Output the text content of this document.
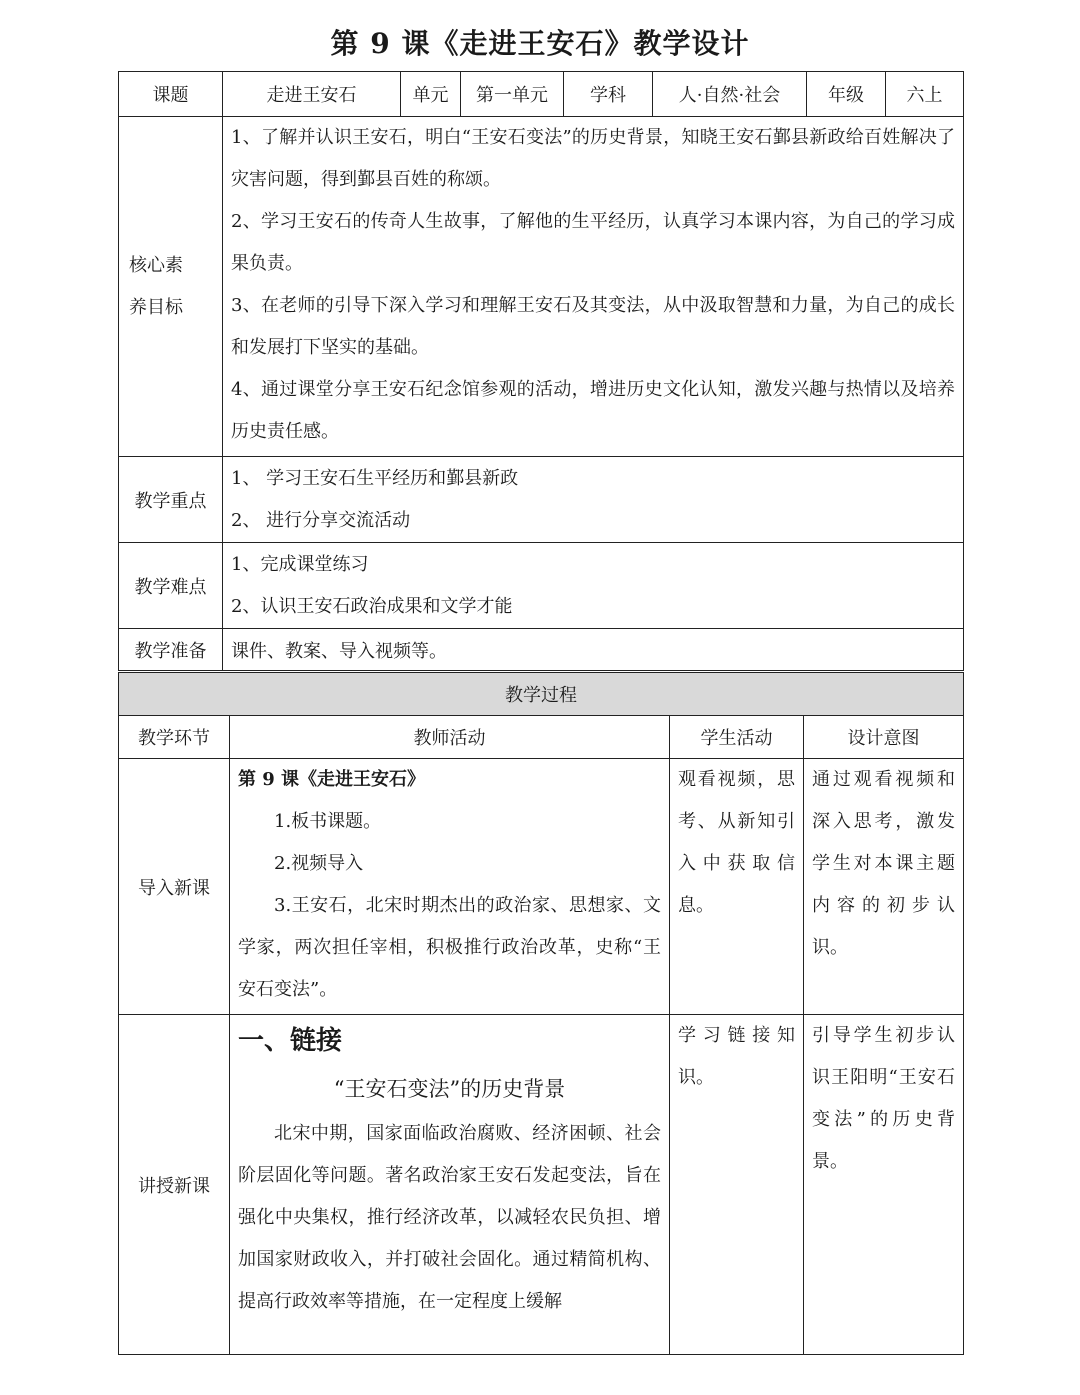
第 9 课《走进王安石》教学设计
课题	走进王安石	单元	第一单元	学科	人·自然·社会	年级	六上

核心素
养目标	1、了解并认识王安石，明白“王安石变法”的历史背景，知晓王安石鄞县新政给百姓解决了灾害问题，得到鄞县百姓的称颂。
2、学习王安石的传奇人生故事，了解他的生平经历，认真学习本课内容，为自己的学习成果负责。
3、在老师的引导下深入学习和理解王安石及其变法，从中汲取智慧和力量，为自己的成长和发展打下坚实的基础。
4、通过课堂分享王安石纪念馆参观的活动，增进历史文化认知，激发兴趣与热情以及培养历史责任感。						

教学重点	1、 学习王安石生平经历和鄞县新政
2、 进行分享交流活动						

教学难点	1、完成课堂练习
2、认识王安石政治成果和文学才能						

教学准备	课件、教案、导入视频等。						
教学过程			
教学环节	教师活动	学生活动	设计意图
导入新课	第 9 课《走进王安石》
1.板书课题。
2.视频导入
3.王安石，北宋时期杰出的政治家、思想家、文学家，两次担任宰相，积极推行政治改革，史称“王安石变法”。	观看视频，思考、从新知引入中获取信息。	通过观看视频和深入思考，激发学生对本课主题内容的初步认识。
讲授新课	一、链接
“王安石变法”的历史背景
北宋中期，国家面临政治腐败、经济困顿、社会阶层固化等问题。著名政治家王安石发起变法，旨在强化中央集权，推行经济改革，以减轻农民负担、增加国家财政收入，并打破社会固化。通过精简机构、提高行政效率等措施，在一定程度上缓解	学习链接知识。	引导学生初步认识王阳明“王安石变法”的历史背景。
